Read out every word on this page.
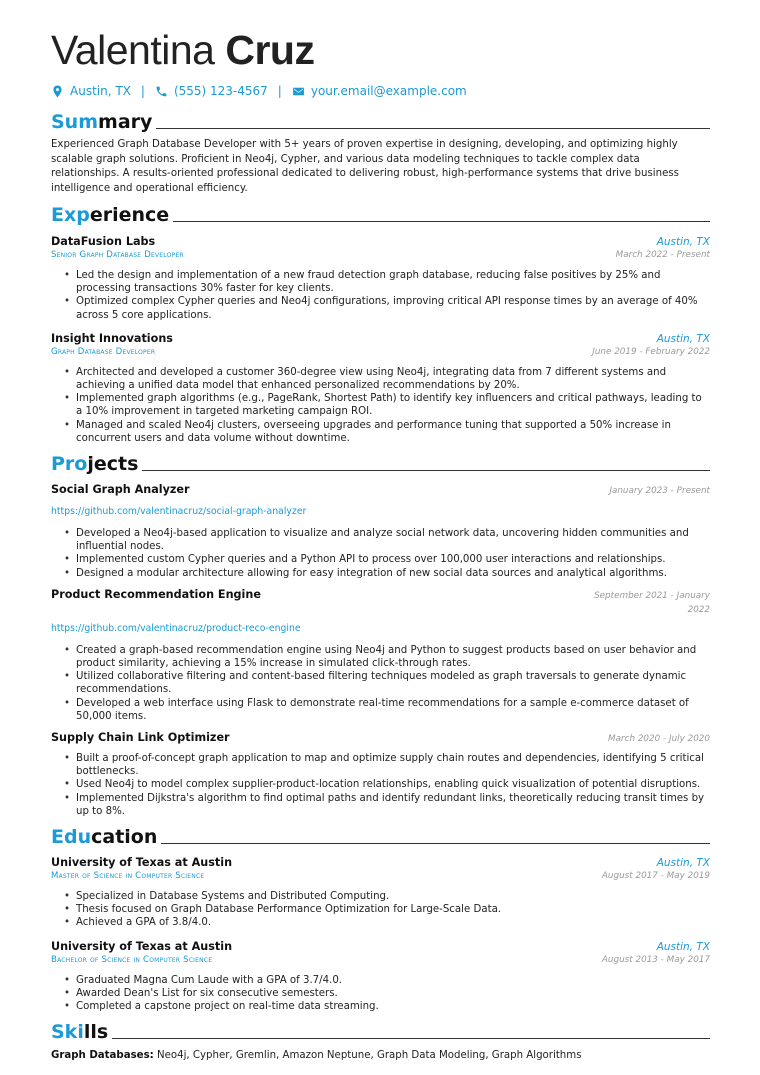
Valentina Cruz
Austin, TX | (555) 123-4567 | your.email@example.com
Summary

Experienced Graph Database Developer with 5+ years of proven expertise in designing, developing, and optimizing highly scalable graph solutions. Proficient in Neo4j, Cypher, and various data modeling techniques to tackle complex data relationships. A results-oriented professional dedicated to delivering robust, high-performance systems that drive business intelligence and operational efficiency.

Experience
DataFusion Labs	Austin, TX
Senior Graph Database Developer	March 2022 - Present
• Led the design and implementation of a new fraud detection graph database, reducing false positives by 25% and processing transactions 30% faster for key clients.
• Optimized complex Cypher queries and Neo4j configurations, improving critical API response times by an average of 40% across 5 core applications.
Insight Innovations	Austin, TX
Graph Database Developer	June 2019 - February 2022
• Architected and developed a customer 360-degree view using Neo4j, integrating data from 7 different systems and achieving a unified data model that enhanced personalized recommendations by 20%.
• Implemented graph algorithms (e.g., PageRank, Shortest Path) to identify key influencers and critical pathways, leading to a 10% improvement in targeted marketing campaign ROI.
• Managed and scaled Neo4j clusters, overseeing upgrades and performance tuning that supported a 50% increase in concurrent users and data volume without downtime.
Projects
Social Graph Analyzer	January 2023 - Present
https://github.com/valentinacruz/social-graph-analyzer
• Developed a Neo4j-based application to visualize and analyze social network data, uncovering hidden communities and influential nodes.
• Implemented custom Cypher queries and a Python API to process over 100,000 user interactions and relationships.
• Designed a modular architecture allowing for easy integration of new social data sources and analytical algorithms.
Product Recommendation Engine	September 2021 - January
2022
https://github.com/valentinacruz/product-reco-engine
• Created a graph-based recommendation engine using Neo4j and Python to suggest products based on user behavior and product similarity, achieving a 15% increase in simulated click-through rates.
• Utilized collaborative filtering and content-based filtering techniques modeled as graph traversals to generate dynamic recommendations.
• Developed a web interface using Flask to demonstrate real-time recommendations for a sample e-commerce dataset of 50,000 items.
Supply Chain Link Optimizer	March 2020 - July 2020
• Built a proof-of-concept graph application to map and optimize supply chain routes and dependencies, identifying 5 critical bottlenecks.
• Used Neo4j to model complex supplier-product-location relationships, enabling quick visualization of potential disruptions.
• Implemented Dijkstra's algorithm to find optimal paths and identify redundant links, theoretically reducing transit times by up to 8%.
Education
University of Texas at Austin	Austin, TX
Master of Science in Computer Science	August 2017 - May 2019
• Specialized in Database Systems and Distributed Computing.
• Thesis focused on Graph Database Performance Optimization for Large-Scale Data.
• Achieved a GPA of 3.8/4.0.
University of Texas at Austin	Austin, TX
Bachelor of Science in Computer Science	August 2013 - May 2017
• Graduated Magna Cum Laude with a GPA of 3.7/4.0.
• Awarded Dean's List for six consecutive semesters.
• Completed a capstone project on real-time data streaming.
Skills

Graph Databases: Neo4j, Cypher, Gremlin, Amazon Neptune, Graph Data Modeling, Graph Algorithms
